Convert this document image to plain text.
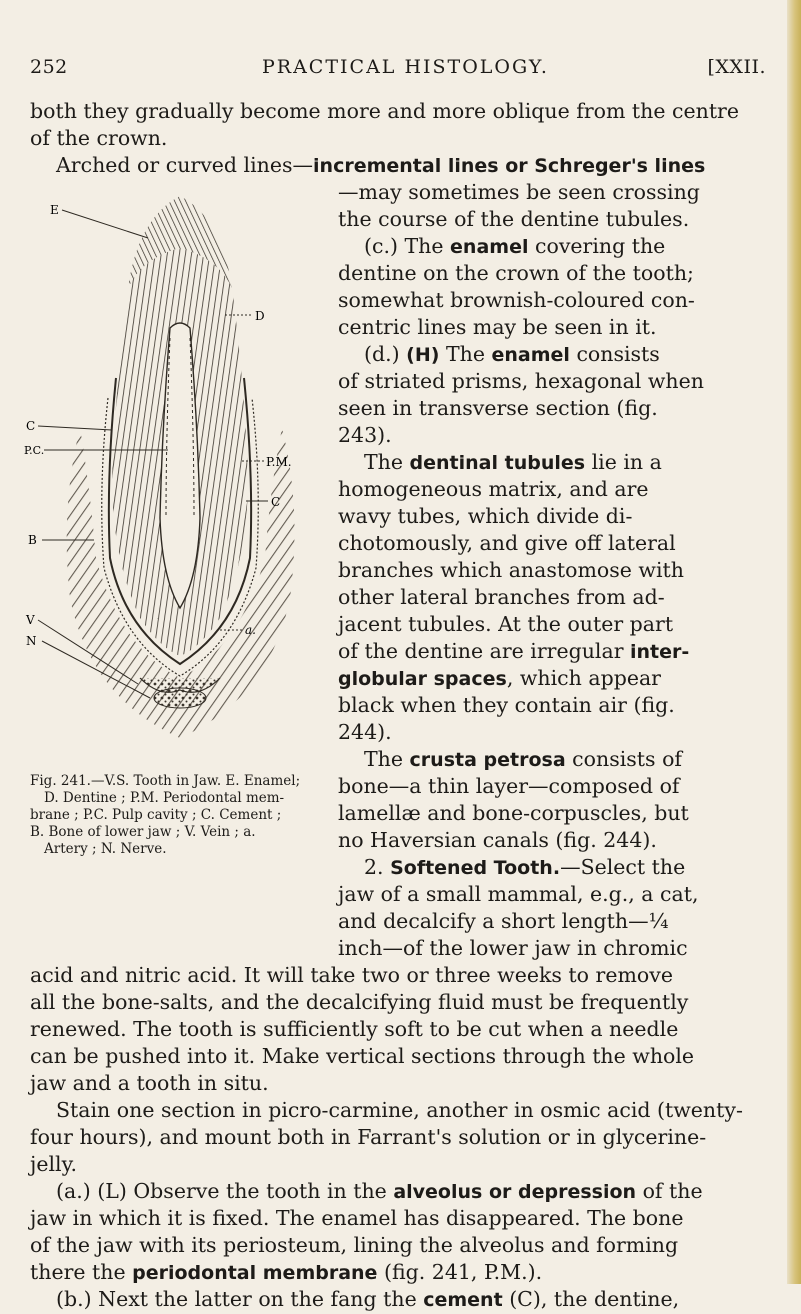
252	PRACTICAL HISTOLOGY.	[XXII.
both they gradually become more and more oblique from the centre
of the crown.
Arched or curved lines—incremental lines or Schreger's lines
E
D
C
P.C.
P.M.
C
B
V
N
a.
Fig. 241.—V.S. Tooth in Jaw. E. Enamel;
D. Dentine ; P.M. Periodontal mem-
brane ; P.C. Pulp cavity ; C. Cement ;
B. Bone of lower jaw ; V. Vein ; a.
Artery ; N. Nerve.
—may sometimes be seen crossing
the course of the dentine tubules.
(c.) The enamel covering the
dentine on the crown of the tooth;
somewhat brownish-coloured con-
centric lines may be seen in it.
(d.) (H) The enamel consists
of striated prisms, hexagonal when
seen in transverse section (fig.
243).
The dentinal tubules lie in a
homogeneous matrix, and are
wavy tubes, which divide di-
chotomously, and give off lateral
branches which anastomose with
other lateral branches from ad-
jacent tubules. At the outer part
of the dentine are irregular inter-
globular spaces, which appear
black when they contain air (fig.
244).
The crusta petrosa consists of
bone—a thin layer—composed of
lamellæ and bone-corpuscles, but
no Haversian canals (fig. 244).
2. Softened Tooth.—Select the
jaw of a small mammal, e.g., a cat,
and decalcify a short length—¼
inch—of the lower jaw in chromic
acid and nitric acid. It will take two or three weeks to remove
all the bone-salts, and the decalcifying fluid must be frequently
renewed. The tooth is sufficiently soft to be cut when a needle
can be pushed into it. Make vertical sections through the whole
jaw and a tooth in situ.
Stain one section in picro-carmine, another in osmic acid (twenty-
four hours), and mount both in Farrant's solution or in glycerine-
jelly.
(a.) (L) Observe the tooth in the alveolus or depression of the
jaw in which it is fixed. The enamel has disappeared. The bone
of the jaw with its periosteum, lining the alveolus and forming
there the periodontal membrane (fig. 241, P.M.).
(b.) Next the latter on the fang the cement (C), the dentine,
